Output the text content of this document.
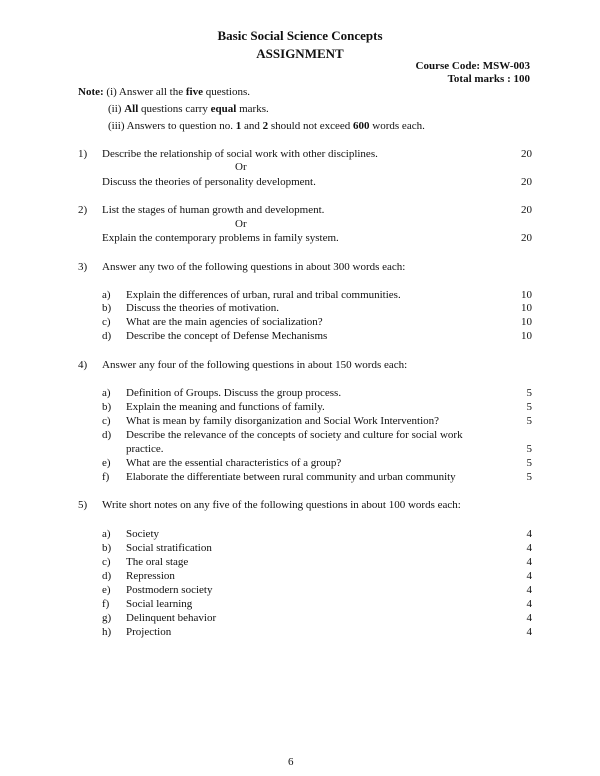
Basic Social Science Concepts
ASSIGNMENT
Course Code: MSW-003
Total marks : 100
Note: (i) Answer all the five questions.
(ii) All questions carry equal marks.
(iii) Answers to question no. 1 and 2 should not exceed 600 words each.
1) Describe the relationship of social work with other disciplines.	20
Or
Discuss the theories of personality development.	20
2) List the stages of human growth and development.	20
Or
Explain the contemporary problems in family system.	20
3) Answer any two of the following questions in about 300 words each:
a) Explain the differences of urban, rural and tribal communities.	10
b) Discuss the theories of motivation.	10
c) What are the main agencies of socialization?	10
d) Describe the concept of Defense Mechanisms	10
4) Answer any four of the following questions in about 150 words each:
a) Definition of Groups. Discuss the group process.	5
b) Explain the meaning and functions of family.	5
c) What is mean by family disorganization and Social Work Intervention?	5
d) Describe the relevance of the concepts of society and culture for social work
practice.	5
e) What are the essential characteristics of a group?	5
f) Elaborate the differentiate between rural community and urban community	5
5) Write short notes on any five of the following questions in about 100 words each:
a) Society	4
b) Social stratification	4
c) The oral stage	4
d) Repression	4
e) Postmodern society	4
f) Social learning	4
g) Delinquent behavior	4
h) Projection	4
6
